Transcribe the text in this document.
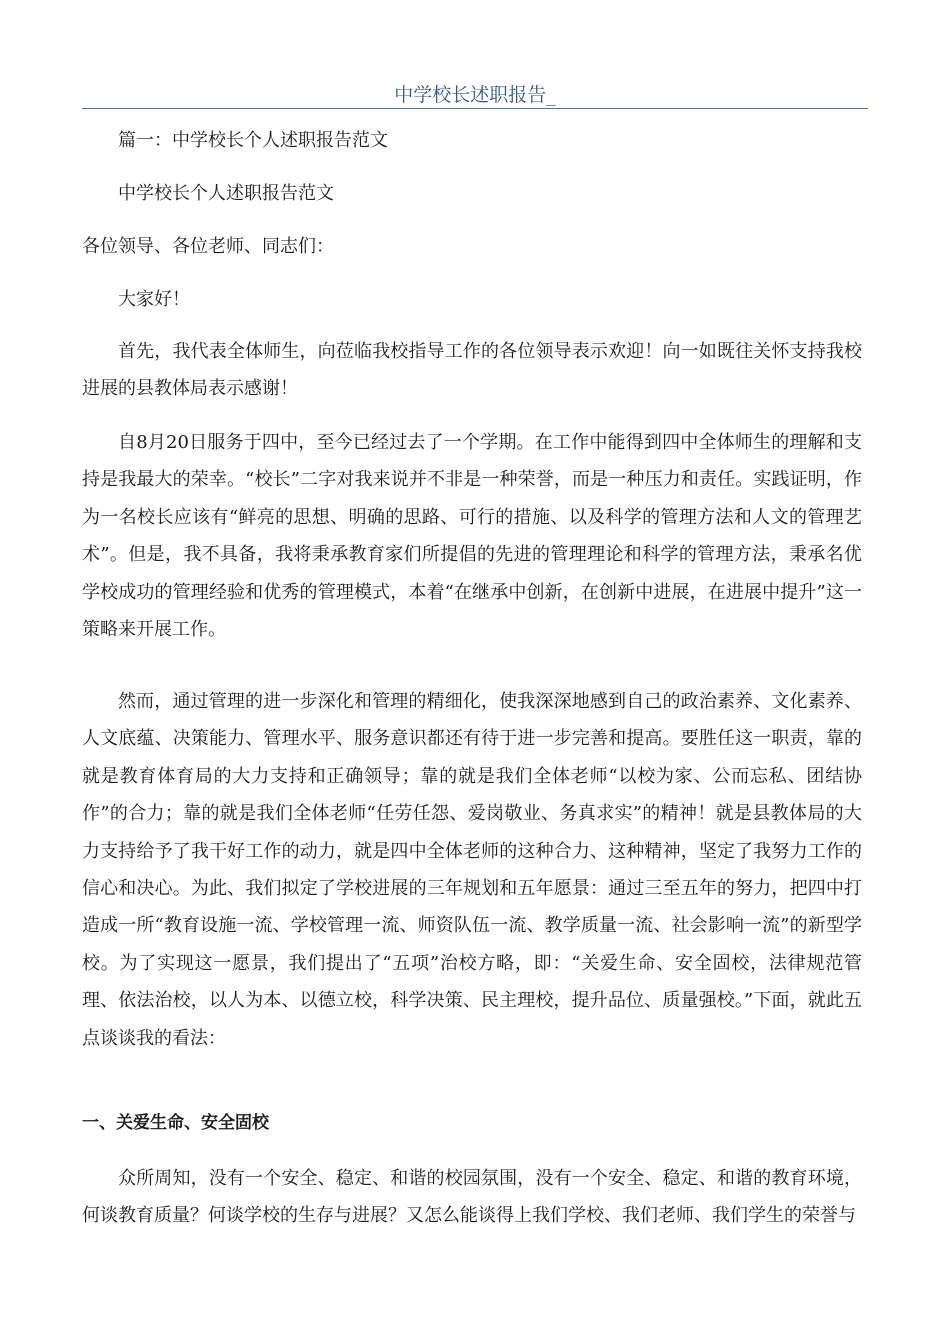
中学校长述职报告_

篇一：中学校长个人述职报告范文

中学校长个人述职报告范文

各位领导、各位老师、同志们：

大家好！

首先，我代表全体师生，向莅临我校指导工作的各位领导表示欢迎！向一如既往关怀支持我校进展的县教体局表示感谢！

自8月20日服务于四中，至今已经过去了一个学期。在工作中能得到四中全体师生的理解和支持是我最大的荣幸。“校长”二字对我来说并不非是一种荣誉，而是一种压力和责任。实践证明，作为一名校长应该有“鲜亮的思想、明确的思路、可行的措施、以及科学的管理方法和人文的管理艺术”。但是，我不具备，我将秉承教育家们所提倡的先进的管理理论和科学的管理方法，秉承名优学校成功的管理经验和优秀的管理模式，本着“在继承中创新，在创新中进展，在进展中提升”这一策略来开展工作。

然而，通过管理的进一步深化和管理的精细化，使我深深地感到自己的政治素养、文化素养、人文底蕴、决策能力、管理水平、服务意识都还有待于进一步完善和提高。要胜任这一职责，靠的就是教育体育局的大力支持和正确领导；靠的就是我们全体老师“以校为家、公而忘私、团结协作”的合力；靠的就是我们全体老师“任劳任怨、爱岗敬业、务真求实”的精神！就是县教体局的大力支持给予了我干好工作的动力，就是四中全体老师的这种合力、这种精神，坚定了我努力工作的信心和决心。为此、我们拟定了学校进展的三年规划和五年愿景：通过三至五年的努力，把四中打造成一所“教育设施一流、学校管理一流、师资队伍一流、教学质量一流、社会影响一流”的新型学校。为了实现这一愿景，我们提出了“五项”治校方略，即：“关爱生命、安全固校，法律规范管理、依法治校，以人为本、以德立校，科学决策、民主理校，提升品位、质量强校。”下面，就此五点谈谈我的看法：

一、关爱生命、安全固校

众所周知，没有一个安全、稳定、和谐的校园氛围，没有一个安全、稳定、和谐的教育环境，何谈教育质量？何谈学校的生存与进展？又怎么能谈得上我们学校、我们老师、我们学生的荣誉与
